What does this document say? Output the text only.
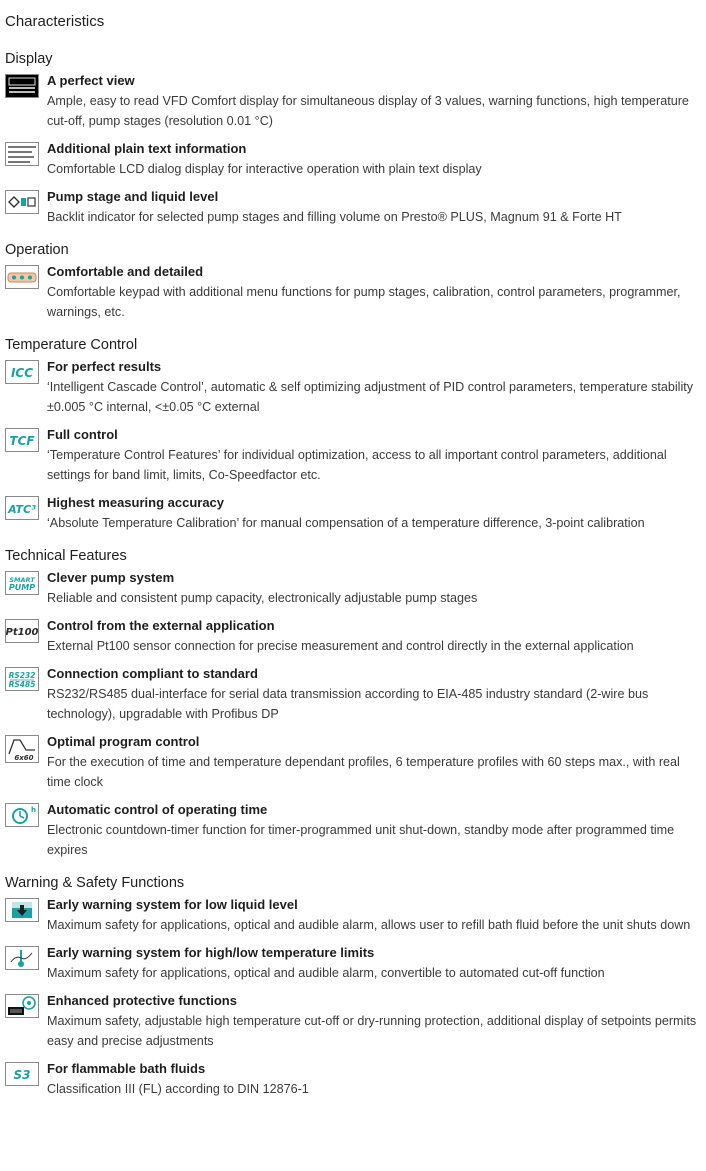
Characteristics
Display
A perfect view
Ample, easy to read VFD Comfort display for simultaneous display of 3 values, warning functions, high temperature cut-off, pump stages (resolution 0.01 °C)
Additional plain text information
Comfortable LCD dialog display for interactive operation with plain text display
Pump stage and liquid level
Backlit indicator for selected pump stages and filling volume on Presto® PLUS, Magnum 91 & Forte HT
Operation
Comfortable and detailed
Comfortable keypad with additional menu functions for pump stages, calibration, control parameters, programmer, warnings, etc.
Temperature Control
ICC For perfect results
‘Intelligent Cascade Control’, automatic & self optimizing adjustment of PID control parameters, temperature stability ±0.005 °C internal, <±0.05 °C external
TCF Full control
‘Temperature Control Features’ for individual optimization, access to all important control parameters, additional settings for band limit, limits, Co-Speedfactor etc.
ATC³ Highest measuring accuracy
‘Absolute Temperature Calibration’ for manual compensation of a temperature difference, 3-point calibration
Technical Features
SMART
PUMP
Clever pump system
Reliable and consistent pump capacity, electronically adjustable pump stages
Pt100 Control from the external application
External Pt100 sensor connection for precise measurement and control directly in the external application
RS232
RS485
Connection compliant to standard
RS232/RS485 dual-interface for serial data transmission according to EIA-485 industry standard (2-wire bus technology), upgradable with Profibus DP
6x60
Optimal program control
For the execution of time and temperature dependant profiles, 6 temperature profiles with 60 steps max., with real time clock
h Automatic control of operating time
Electronic countdown-timer function for timer-programmed unit shut-down, standby mode after programmed time expires
Warning & Safety Functions
Early warning system for low liquid level
Maximum safety for applications, optical and audible alarm, allows user to refill bath fluid before the unit shuts down
Early warning system for high/low temperature limits
Maximum safety for applications, optical and audible alarm, convertible to automated cut-off function
Enhanced protective functions
Maximum safety, adjustable high temperature cut-off or dry-running protection, additional display of setpoints permits easy and precise adjustments
S3 For flammable bath fluids
Classification III (FL) according to DIN 12876-1
